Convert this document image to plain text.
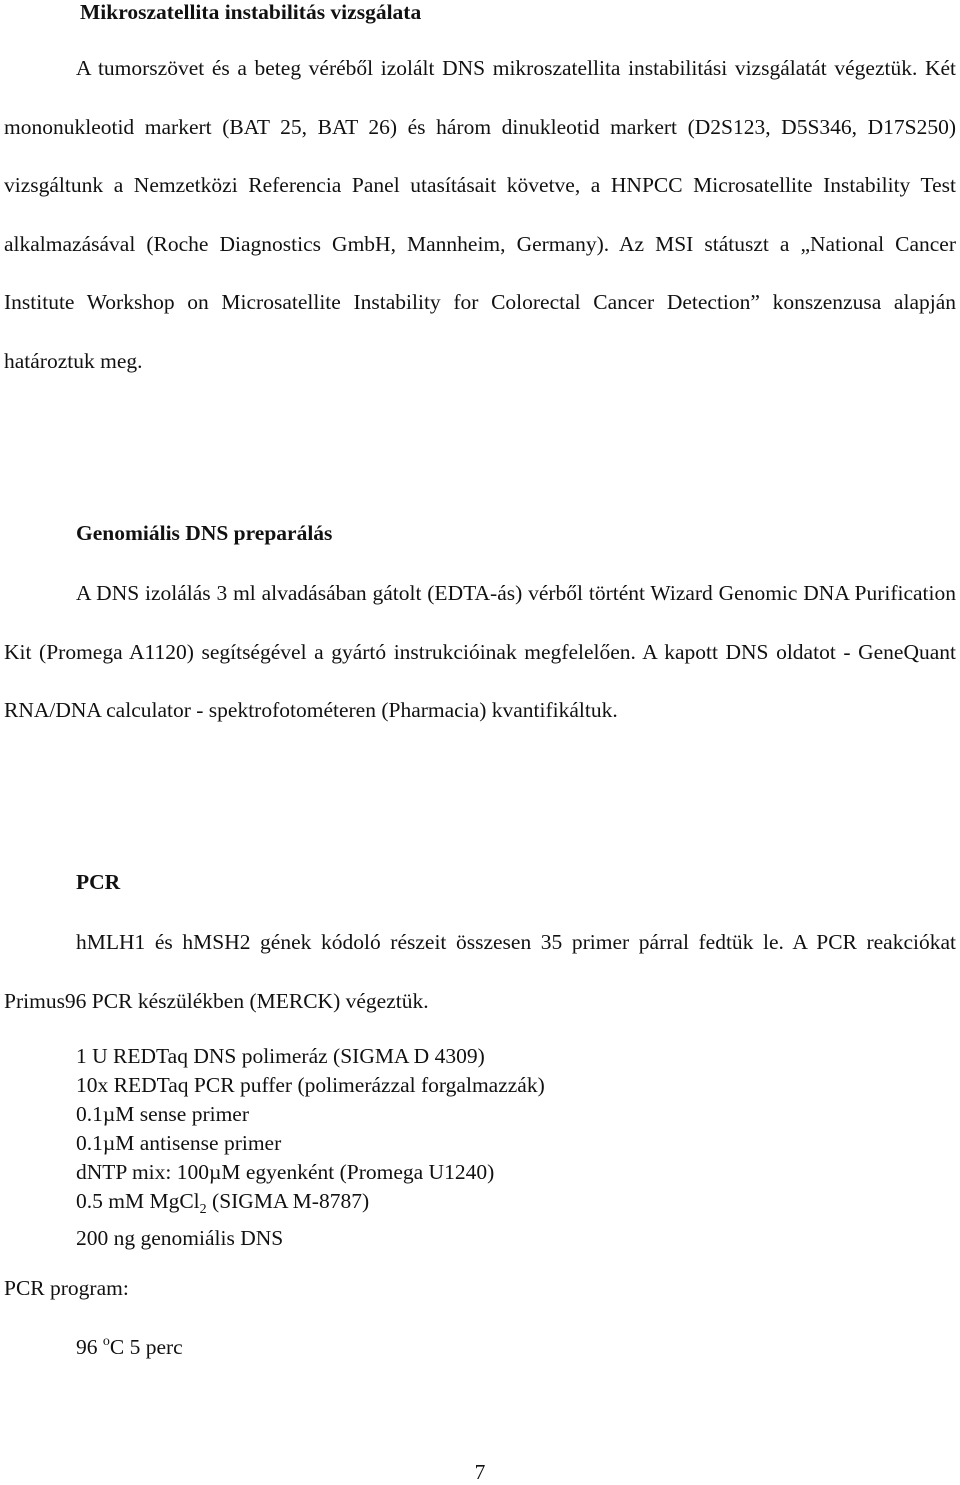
Mikroszatellita instabilitás vizsgálata

A tumorszövet és a beteg véréből izolált DNS mikroszatellita instabilitási vizsgálatát végeztük. Két mononukleotid markert (BAT 25, BAT 26) és három dinukleotid markert (D2S123, D5S346, D17S250) vizsgáltunk a Nemzetközi Referencia Panel utasításait követve, a HNPCC Microsatellite Instability Test alkalmazásával (Roche Diagnostics GmbH, Mannheim, Germany). Az MSI státuszt a „National Cancer Institute Workshop on Microsatellite Instability for Colorectal Cancer Detection” konszenzusa alapján határoztuk meg.

Genomiális DNS preparálás

A DNS izolálás 3 ml alvadásában gátolt (EDTA-ás) vérből történt Wizard Genomic DNA Purification Kit (Promega A1120) segítségével a gyártó instrukcióinak megfelelően. A kapott DNS oldatot - GeneQuant RNA/DNA calculator - spektrofotométeren (Pharmacia) kvantifikáltuk.

PCR

hMLH1 és hMSH2 gének kódoló részeit összesen 35 primer párral fedtük le. A PCR reakciókat Primus96 PCR készülékben (MERCK) végeztük.

1 U REDTaq DNS polimeráz (SIGMA D 4309)
10x REDTaq PCR puffer (polimerázzal forgalmazzák)
0.1µM sense primer
0.1µM antisense primer
dNTP mix: 100µM egyenként (Promega U1240)
0.5 mM MgCl$_2$ (SIGMA M-8787)
200 ng genomiális DNS
PCR program:
96 $^o$C 5 perc
7
